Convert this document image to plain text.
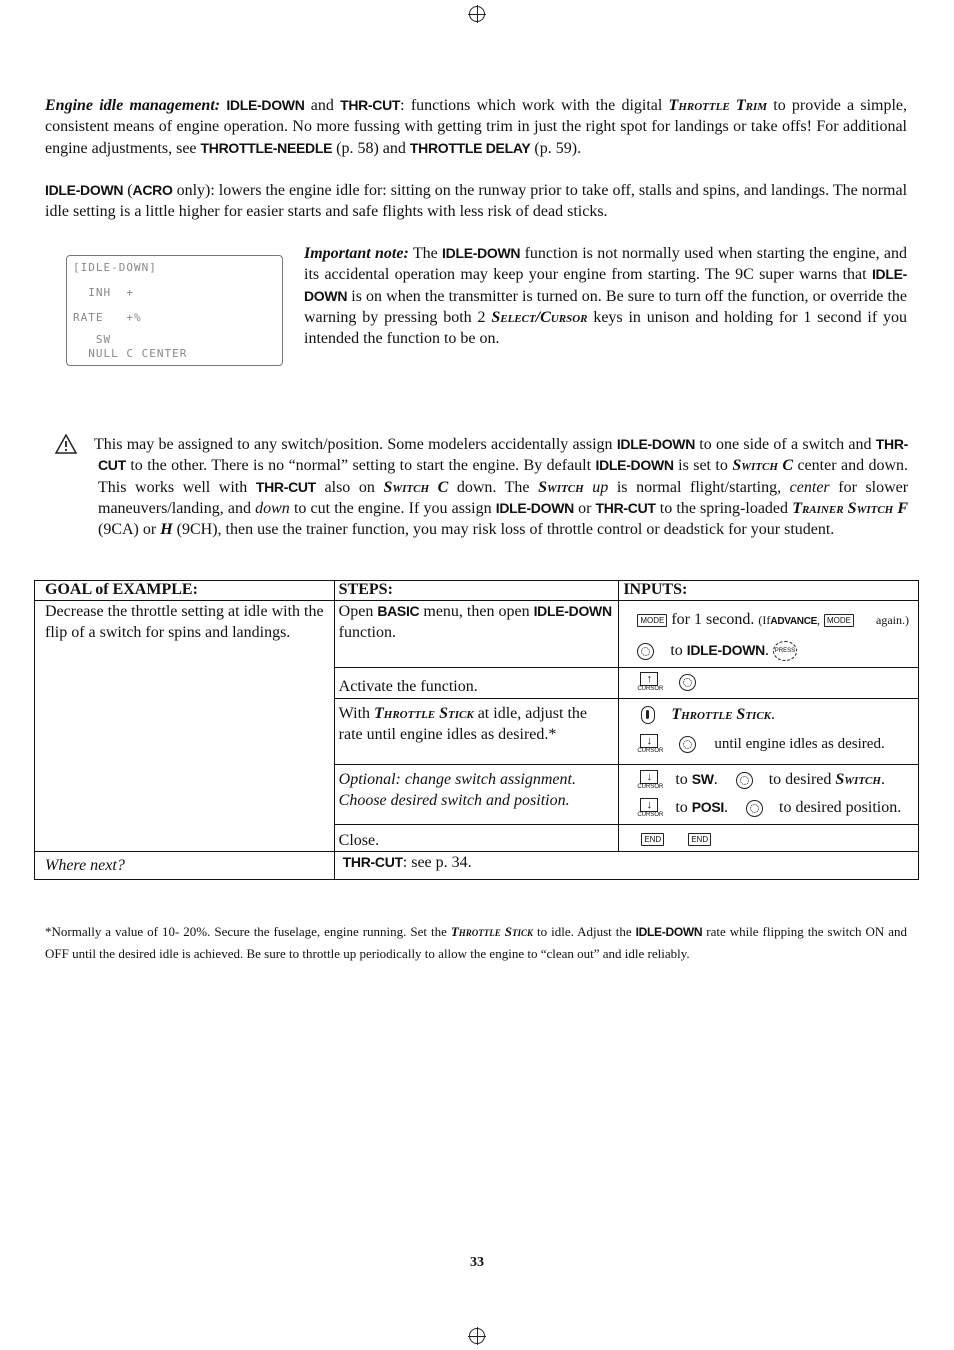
Engine idle management: IDLE-DOWN and THR-CUT: functions which work with the digital Throttle Trim to provide a simple, consistent means of engine operation. No more fussing with getting trim in just the right spot for landings or take offs! For additional engine adjustments, see THROTTLE-NEEDLE (p. 58) and THROTTLE DELAY (p. 59).
IDLE-DOWN (ACRO only): lowers the engine idle for: sitting on the runway prior to take off, stalls and spins, and landings. The normal idle setting is a little higher for easier starts and safe flights with less risk of dead sticks.
[IDLE-DOWN]
INH  +
RATE   +%
SW
NULL C CENTER
Important note: The IDLE-DOWN function is not normally used when starting the engine, and its accidental operation may keep your engine from starting. The 9C super warns that IDLE-DOWN is on when the transmitter is turned on. Be sure to turn off the function, or override the warning by pressing both 2 Select/Cursor keys in unison and holding for 1 second if you intended the function to be on.
This may be assigned to any switch/position. Some modelers accidentally assign IDLE-DOWN to one side of a switch and THR-CUT to the other. There is no “normal” setting to start the engine. By default IDLE-DOWN is set to Switch C center and down. This works well with THR-CUT also on Switch C down. The Switch up is normal flight/starting, center for slower maneuvers/landing, and down to cut the engine. If you assign IDLE-DOWN or THR-CUT to the spring-loaded Trainer Switch F (9CA) or H (9CH), then use the trainer function, you may risk loss of throttle control or deadstick for your student.
GOAL of EXAMPLE:	STEPS:	INPUTS:
Decrease the throttle setting at idle with the flip of a switch for spins and landings.	Open BASIC menu, then open IDLE-DOWN function.	MODE for 1 second. (IfADVANCE, MODE again.)
to IDLE-DOWN. PRESS

	Activate the function.	↑
CURSOR
	With Throttle Stick at idle, adjust the rate until engine idles as desired.*	Throttle Stick.
↓
CURSOR until engine idles as desired.

	Optional: change switch assignment. Choose desired switch and position.	↓
CURSOR to SW. to desired Switch.
↓
CURSOR to POSI. to desired position.

	Close.	END END
Where next?	THR-CUT: see p. 34.	
*Normally a value of 10- 20%. Secure the fuselage, engine running. Set the Throttle Stick to idle. Adjust the IDLE-DOWN rate while flipping the switch ON and OFF until the desired idle is achieved. Be sure to throttle up periodically to allow the engine to “clean out” and idle reliably.
33
